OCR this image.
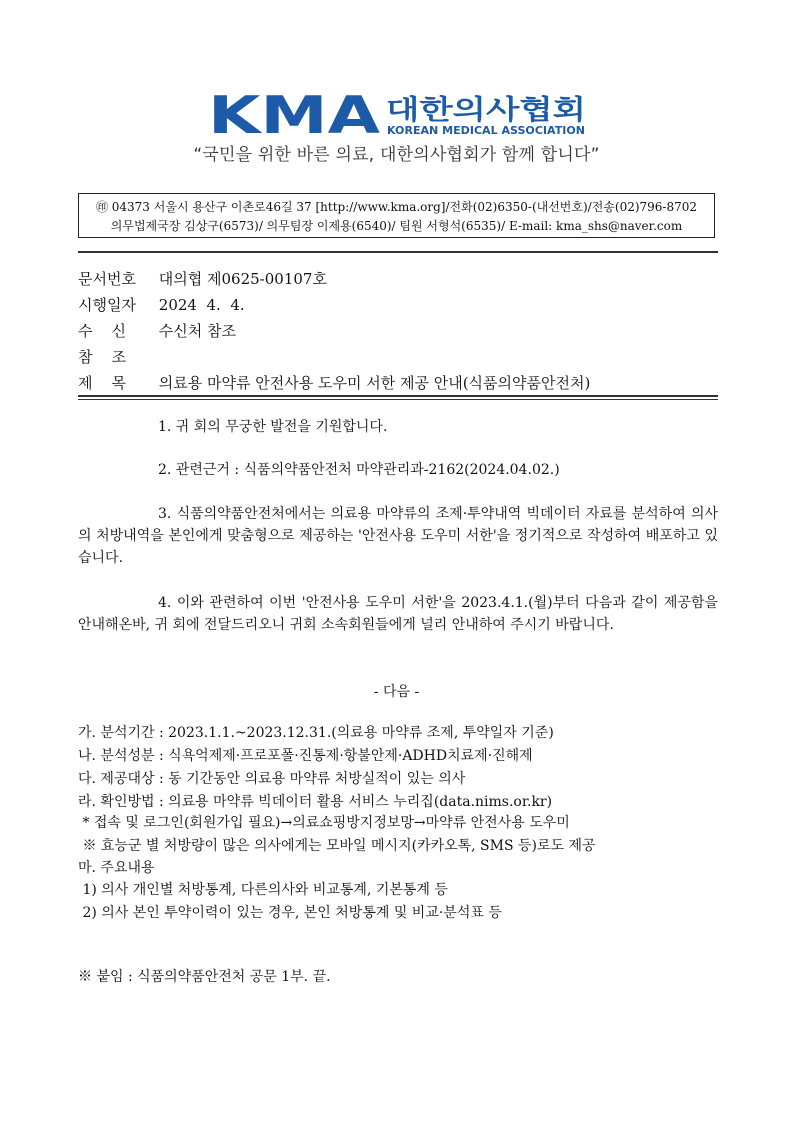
KMA 대한의사협회
KOREAN MEDICAL ASSOCIATION
“국민을 위한 바른 의료, 대한의사협회가 함께 합니다”
㊞ 04373 서울시 용산구 이촌로46길 37 [http://www.kma.org]/전화(02)6350-(내선번호)/전송(02)796-8702
의무법제국장 김상구(6573)/ 의무팀장 이제용(6540)/ 팀원 서형석(6535)/ E-mail: kma_shs@naver.com
문서번호 대의협 제0625-00107호
시행일자 2024  4.  4.
수    신 수신처 참조
참    조
제    목 의료용 마약류 안전사용 도우미 서한 제공 안내(식품의약품안전처)
1. 귀 회의 무궁한 발전을 기원합니다.
2. 관련근거 : 식품의약품안전처 마약관리과-2162(2024.04.02.)
3. 식품의약품안전처에서는 의료용 마약류의 조제·투약내역 빅데이터 자료를 분석하여 의사의 처방내역을 본인에게 맞춤형으로 제공하는 '안전사용 도우미 서한'을 정기적으로 작성하여 배포하고 있습니다.
4. 이와 관련하여 이번 '안전사용 도우미 서한'을 2023.4.1.(월)부터 다음과 같이 제공함을 안내해온바, 귀 회에 전달드리오니 귀회 소속회원들에게 널리 안내하여 주시기 바랍니다.
- 다음 -
가. 분석기간 : 2023.1.1.~2023.12.31.(의료용 마약류 조제, 투약일자 기준)
나. 분석성분 : 식욕억제제·프로포폴·진통제·항불안제·ADHD치료제·진해제
다. 제공대상 : 동 기간동안 의료용 마약류 처방실적이 있는 의사
라. 확인방법 : 의료용 마약류 빅데이터 활용 서비스 누리집(data.nims.or.kr)
* 접속 및 로그인(회원가입 필요)→의료쇼핑방지정보망→마약류 안전사용 도우미
※ 효능군 별 처방량이 많은 의사에게는 모바일 메시지(카카오톡, SMS 등)로도 제공
마. 주요내용
1) 의사 개인별 처방통계, 다른의사와 비교통계, 기본통계 등
2) 의사 본인 투약이력이 있는 경우, 본인 처방통계 및 비교·분석표 등
※ 붙임 : 식품의약품안전처 공문 1부. 끝.
